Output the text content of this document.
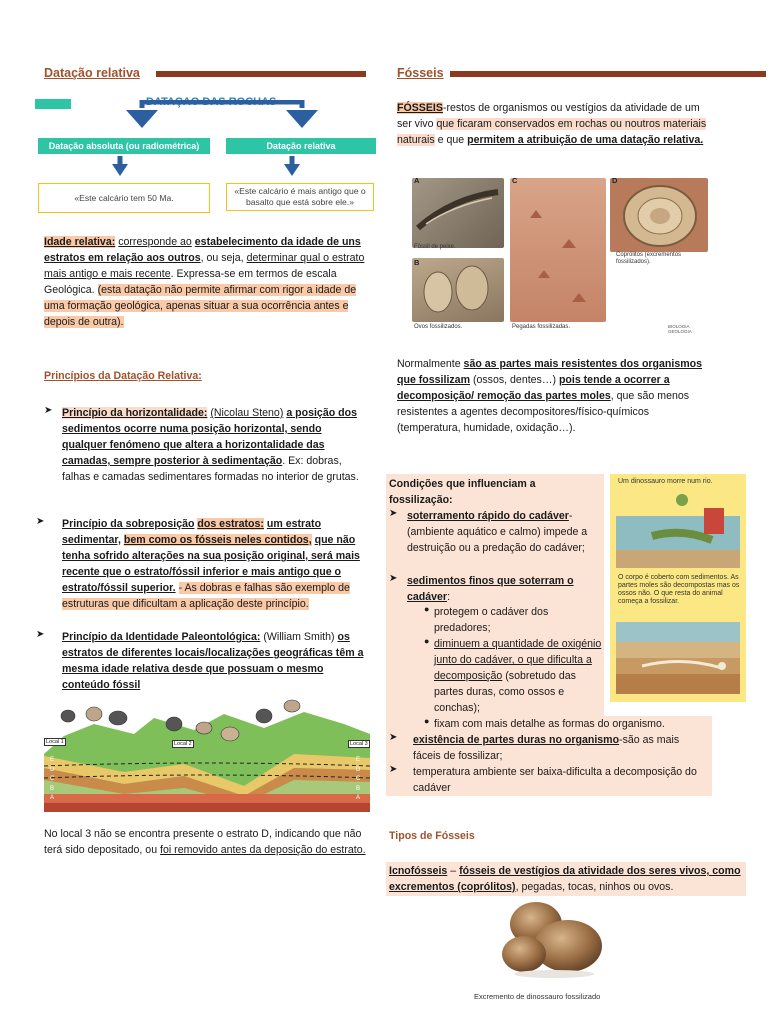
Datação relativa
DATAÇAO DAS ROCHAS
Datação absoluta (ou radiométrica)	Datação relativa
«Este calcário tem 50 Ma.
«Este calcário é mais antigo que o basalto que está sobre ele.»
Idade relativa: corresponde ao estabelecimento da idade de uns estratos em relação aos outros, ou seja, determinar qual o estrato mais antigo e mais recente. Expressa-se em termos de escala Geológica. (esta datação não permite afirmar com rigor a idade de uma formação geológica, apenas situar a sua ocorrência antes e depois de outra).
Princípios da Datação Relativa:
➤ Princípio da horizontalidade: (Nicolau Steno) a posição dos sedimentos ocorre numa posição horizontal, sendo qualquer fenómeno que altera a horizontalidade das camadas, sempre posterior à sedimentação. Ex: dobras, falhas e camadas sedimentares formadas no interior de grutas.
➤ Princípio da sobreposição dos estratos: um estrato sedimentar, bem como os fósseis neles contidos, que não tenha sofrido alterações na sua posição original, será mais recente que o estrato/fóssil inferior e mais antigo que o estrato/fóssil superior. - As dobras e falhas são exemplo de estruturas que dificultam a aplicação deste princípio.
➤ Princípio da Identidade Paleontológica: (William Smith) os estratos de diferentes locais/localizações geográficas têm a mesma idade relativa desde que possuam o mesmo conteúdo fóssil
Local 1	Local 2	Local 3
E
D
C
B
A
E
D
C
B
A
No local 3 não se encontra presente o estrato D, indicando que não terá sido depositado, ou foi removido antes da deposição do estrato.
Fósseis
FÓSSEIS-restos de organismos ou vestígios da atividade de um ser vivo que ficaram conservados em rochas ou noutros materiais naturais e que permitem a atribuição de uma datação relativa.
A
Fóssil de peixe.
B
Ovos fossilizados.
C
Pegadas fossilizadas.
D
Coprólitos (excrementos fossilizados).
BIOLOGIA GEOLOGIA
Normalmente são as partes mais resistentes dos organismos que fossilizam (ossos, dentes…) pois tende a ocorrer a decomposição/ remoção das partes moles, que são menos resistentes a agentes decompositores/físico-químicos (temperatura, humidade, oxidação…).
Condições que influenciam a fossilização:
➤ soterramento rápido do cadáver-(ambiente aquático e calmo) impede a destruição ou a predação do cadáver;
➤ sedimentos finos que soterram o cadáver:
● protegem o cadáver dos predadores;
● diminuem a quantidade de oxigénio junto do cadáver, o que dificulta a decomposição (sobretudo das partes duras, como ossos e conchas);
● fixam com mais detalhe as formas do organismo.
➤ existência de partes duras no organismo-são as mais fáceis de fossilizar;
➤ temperatura ambiente ser baixa-dificulta a decomposição do cadáver
Um dinossauro morre num rio.
O corpo é coberto com sedimentos. As partes moles são decompostas mas os ossos não. O que resta do animal começa a fossilizar.
Tipos de Fósseis
Icnofósseis – fósseis de vestígios da atividade dos seres vivos, como excrementos (coprólitos), pegadas, tocas, ninhos ou ovos.
Excremento de dinossauro fossilizado
